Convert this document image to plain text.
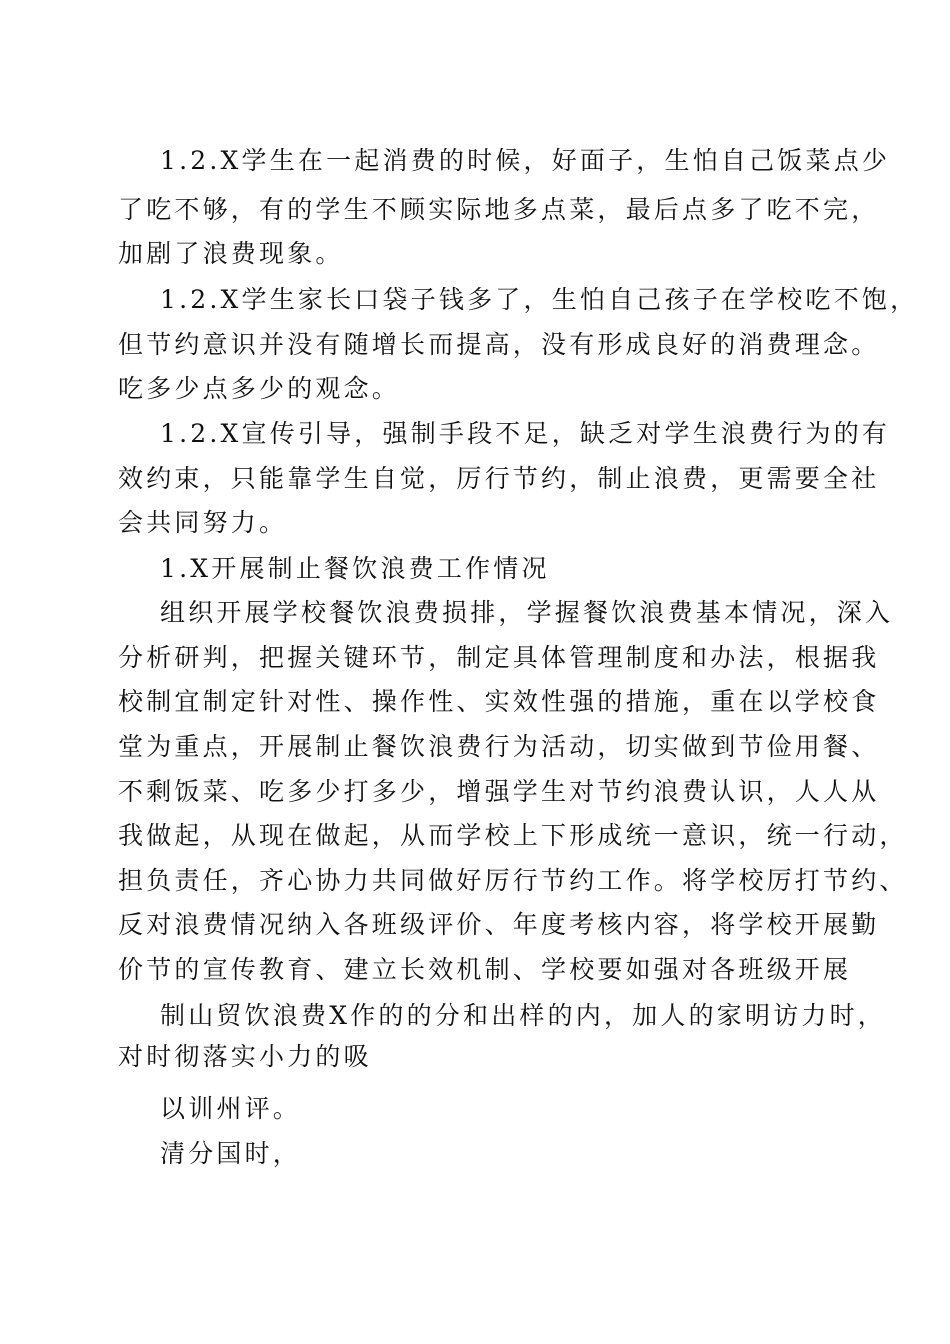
1.2.X学生在一起消费的时候，好面子，生怕自己饭菜点少
了吃不够，有的学生不顾实际地多点菜，最后点多了吃不完，
加剧了浪费现象。
1.2.X学生家长口袋子钱多了，生怕自己孩子在学校吃不饱，
但节约意识并没有随增长而提高，没有形成良好的消费理念。
吃多少点多少的观念。
1.2.X宣传引导，强制手段不足，缺乏对学生浪费行为的有
效约束，只能靠学生自觉，厉行节约，制止浪费，更需要全社
会共同努力。
1.X开展制止餐饮浪费工作情况
组织开展学校餐饮浪费损排，学握餐饮浪费基本情况，深入
分析研判，把握关键环节，制定具体管理制度和办法，根据我
校制宜制定针对性、操作性、实效性强的措施，重在以学校食
堂为重点，开展制止餐饮浪费行为活动，切实做到节俭用餐、
不剩饭菜、吃多少打多少，增强学生对节约浪费认识，人人从
我做起，从现在做起，从而学校上下形成统一意识，统一行动，
担负责任，齐心协力共同做好厉行节约工作。将学校厉打节约、
反对浪费情况纳入各班级评价、年度考核内容，将学校开展勤
价节的宣传教育、建立长效机制、学校要如强对各班级开展
制山贸饮浪费X作的的分和出样的内，加人的家明访力时，
对时彻落实小力的吸
以训州评。
清分国时，
